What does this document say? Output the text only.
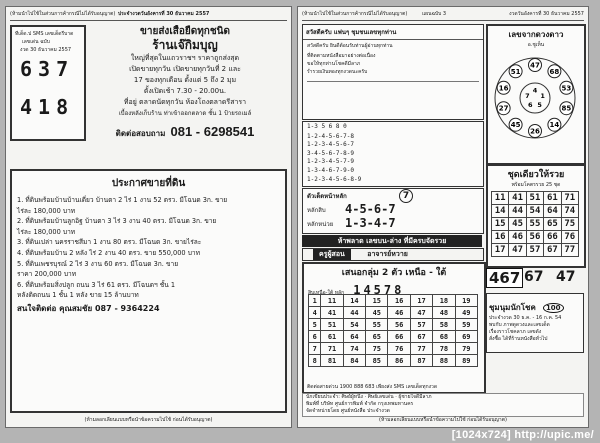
(ห้ามนำไปใช้ในส่วนการค้ากรณีไม่ได้รับอนุญาต) ประจำงวดวันอังคารที่ 30 ธันวาคม 2557
ทีเด็ด.ป SMS เลขเด็ดรีบาด
เลขเด่น ฉบับ
งวด 30 ธันวาคม 2557
637
418
ขายส่งเสื้อยืดทุกชนิด
ร้านเจ๊กิมบุญ
ใหญ่ที่สุดในแถวราชฯ ราคาถูกส่งสุด
เปิดขายทุกวัน เปิดขายทุกวันที่ 2 และ
17 ของทุกเดือน ตั้งแต่ 5 ถึง 2 มุม
ตั้งเปิดเช้า 7.30 - 20.00น.
ที่อยู่ ตลาดนัดทุกวัน ห้องโถงตลาดรีสารา
เบื้องหลังเก็บร้าน ท่าเข้าออกตลาด ชั้น 1 ป้ายรถเมล์
ติดต่อสอบถาม 081 - 6298541
ประกาศขายที่ดิน
1. ที่ดินพร้อมบ้านบ้านเดี่ยว บ้านตา 2 ไร่ 1 งาน 52 ตรว. มีโฉนด 3ก. ขาย
ไร่ละ 180,000 บาท
2. ที่ดินพร้อมบ้านลูกอิฐ บ้านตา 3 ไร่ 3 งาน 40 ตรว. มีโฉนด 3ก. ขาย
ไร่ละ 180,000 บาท
3. ที่ดินเปล่า นครราชสีมา 1 งาน 80 ตรว. มีโฉนด 3ก. ขายไร่ละ
4. ที่ดินพร้อมบ้าน 2 หลัง ไร่ 2 งาน 40 ตรว. ขาย 550,000 บาท
5. ที่ดินเพชรบุรณ์ 2 ไร่ 3 งาน 60 ตรว. มีโฉนด 3ก. ขาย
ราคา 200,000 บาท
6. ที่ดินพร้อมสิ่งปลูก ถนน 3 ไร่ 61 ตรว. มีโฉนดฯ ชั้น 1
หลังติดถนน 1 ชั้น 1 หลัง ขาย 15 ล้านบาท
สนใจติดต่อ คุณสมชัย 087 - 9364224
(ห้ามลอกเลียนแบบหรือนำข้อความไปใช้ ก่อนได้รับอนุญาต)
(ห้ามนำไปใช้ในส่วนการค้ากรณีไม่ได้รับอนุญาต)	แผนฉบับ 3	งวดวันอังคารที่ 30 ธันวาคม 2557
สวัสดีครับ แฟนๆ ชุมชนเลขทุกท่าน
สวัสดีครับ ยินดีต้อนรับท่านผู้อ่านทุกท่าน
ที่ติดตามหนังสือมาอย่างต่อเนื่อง
ขอให้ทุกท่านโชคดีมีลาภ
ร่ำรวยเงินทองทุกงวดนะครับ
เลขจากดวงดาว
อ.ชูเห็น
47
68
53
85
14
26
45
27
16
51
4
1
5
6
7
1-3 5 6 8 0
1-2-4-5-6-7-8
1-2-3-4-5-6-7
3-4-5-6-7-8-9
1-2-3-4-5-7-9
1-3-4-6-7-9-0
1-2-3-4-5-6-8-9	ชุดเดียวให้รวย
พร้อมโคตรรวย 25 ชุด
11	41	51	61	71
14	44	54	64	74
15	45	55	65	75
16	46	56	66	76
17	47	57	67	77
ตัวเด็ดหน้าหลัก	7
หลักสิบ 4-5-6-7
หลักหน่วย 1-3-4-7
ห้าพลาด เลขบน-ล่าง ที่มีครบจัดรวย
ครูผู้สอน	อาจารย์หวาย
467 67 47
เสนอกลุ่ม 2 ตัว เหนือ - ใต้
สิบเหนือ-ใต้ หลัก 14578
1	11	14	15	16	17	18	19
4	41	44	45	46	47	48	49
5	51	54	55	56	57	58	59
6	61	64	65	66	67	68	69
7	71	74	75	76	77	78	79
8	81	84	85	86	87	88	89
ติดต่อสายด่วน 1900 888 683 เพียงส่ง SMS เลขเด็ดทุกงวด
ชุมนุมนักโชค 100
ประจำงวด 30 ธ.ค. - 16 ก.ค. 54
พบกับ ภาพดูดวงและเลขเด็ด
เรื่องราวโชคลาภ เลขดัง
สั่งซื้อ ได้ที่ร้านหนังสือทั่วไป
นักเขียนประจำ: ศิษย์ผู้หนึ่ง · ศิษย์เลขเด่น · ผู้ชายใจดีมีลาภ
พิมพ์ที่ บริษัท ศูนย์การพิมพ์ จำกัด กรุงเทพมหานคร
จัดจำหน่ายโดย ศูนย์หนังสือ ประจำงวด
(ห้ามลอกเลียนแบบหรือนำข้อความไปใช้ ก่อนได้รับอนุญาต)
[1024x724] http://upic.me/
